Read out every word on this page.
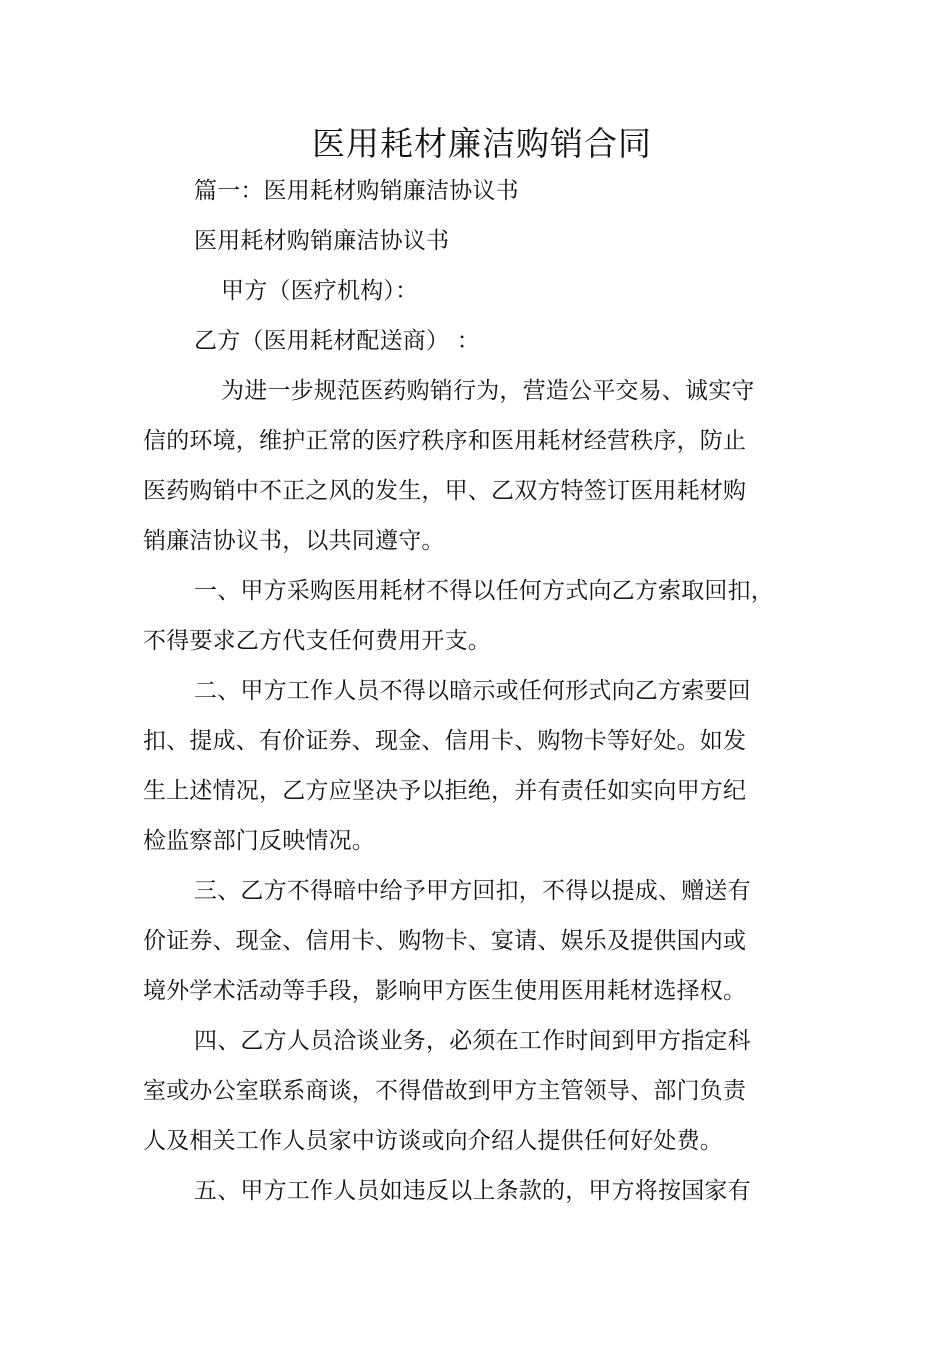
医用耗材廉洁购销合同
篇一：医用耗材购销廉洁协议书
医用耗材购销廉洁协议书
甲方（医疗机构）：
乙方（医用耗材配送商） ：
为进一步规范医药购销行为，营造公平交易、诚实守
信的环境，维护正常的医疗秩序和医用耗材经营秩序，防止
医药购销中不正之风的发生，甲、乙双方特签订医用耗材购
销廉洁协议书，以共同遵守。
一、甲方采购医用耗材不得以任何方式向乙方索取回扣，
不得要求乙方代支任何费用开支。
二、甲方工作人员不得以暗示或任何形式向乙方索要回
扣、提成、有价证券、现金、信用卡、购物卡等好处。如发
生上述情况，乙方应坚决予以拒绝，并有责任如实向甲方纪
检监察部门反映情况。
三、乙方不得暗中给予甲方回扣，不得以提成、赠送有
价证券、现金、信用卡、购物卡、宴请、娱乐及提供国内或
境外学术活动等手段，影响甲方医生使用医用耗材选择权。
四、乙方人员洽谈业务，必须在工作时间到甲方指定科
室或办公室联系商谈，不得借故到甲方主管领导、部门负责
人及相关工作人员家中访谈或向介绍人提供任何好处费。
五、甲方工作人员如违反以上条款的，甲方将按国家有
